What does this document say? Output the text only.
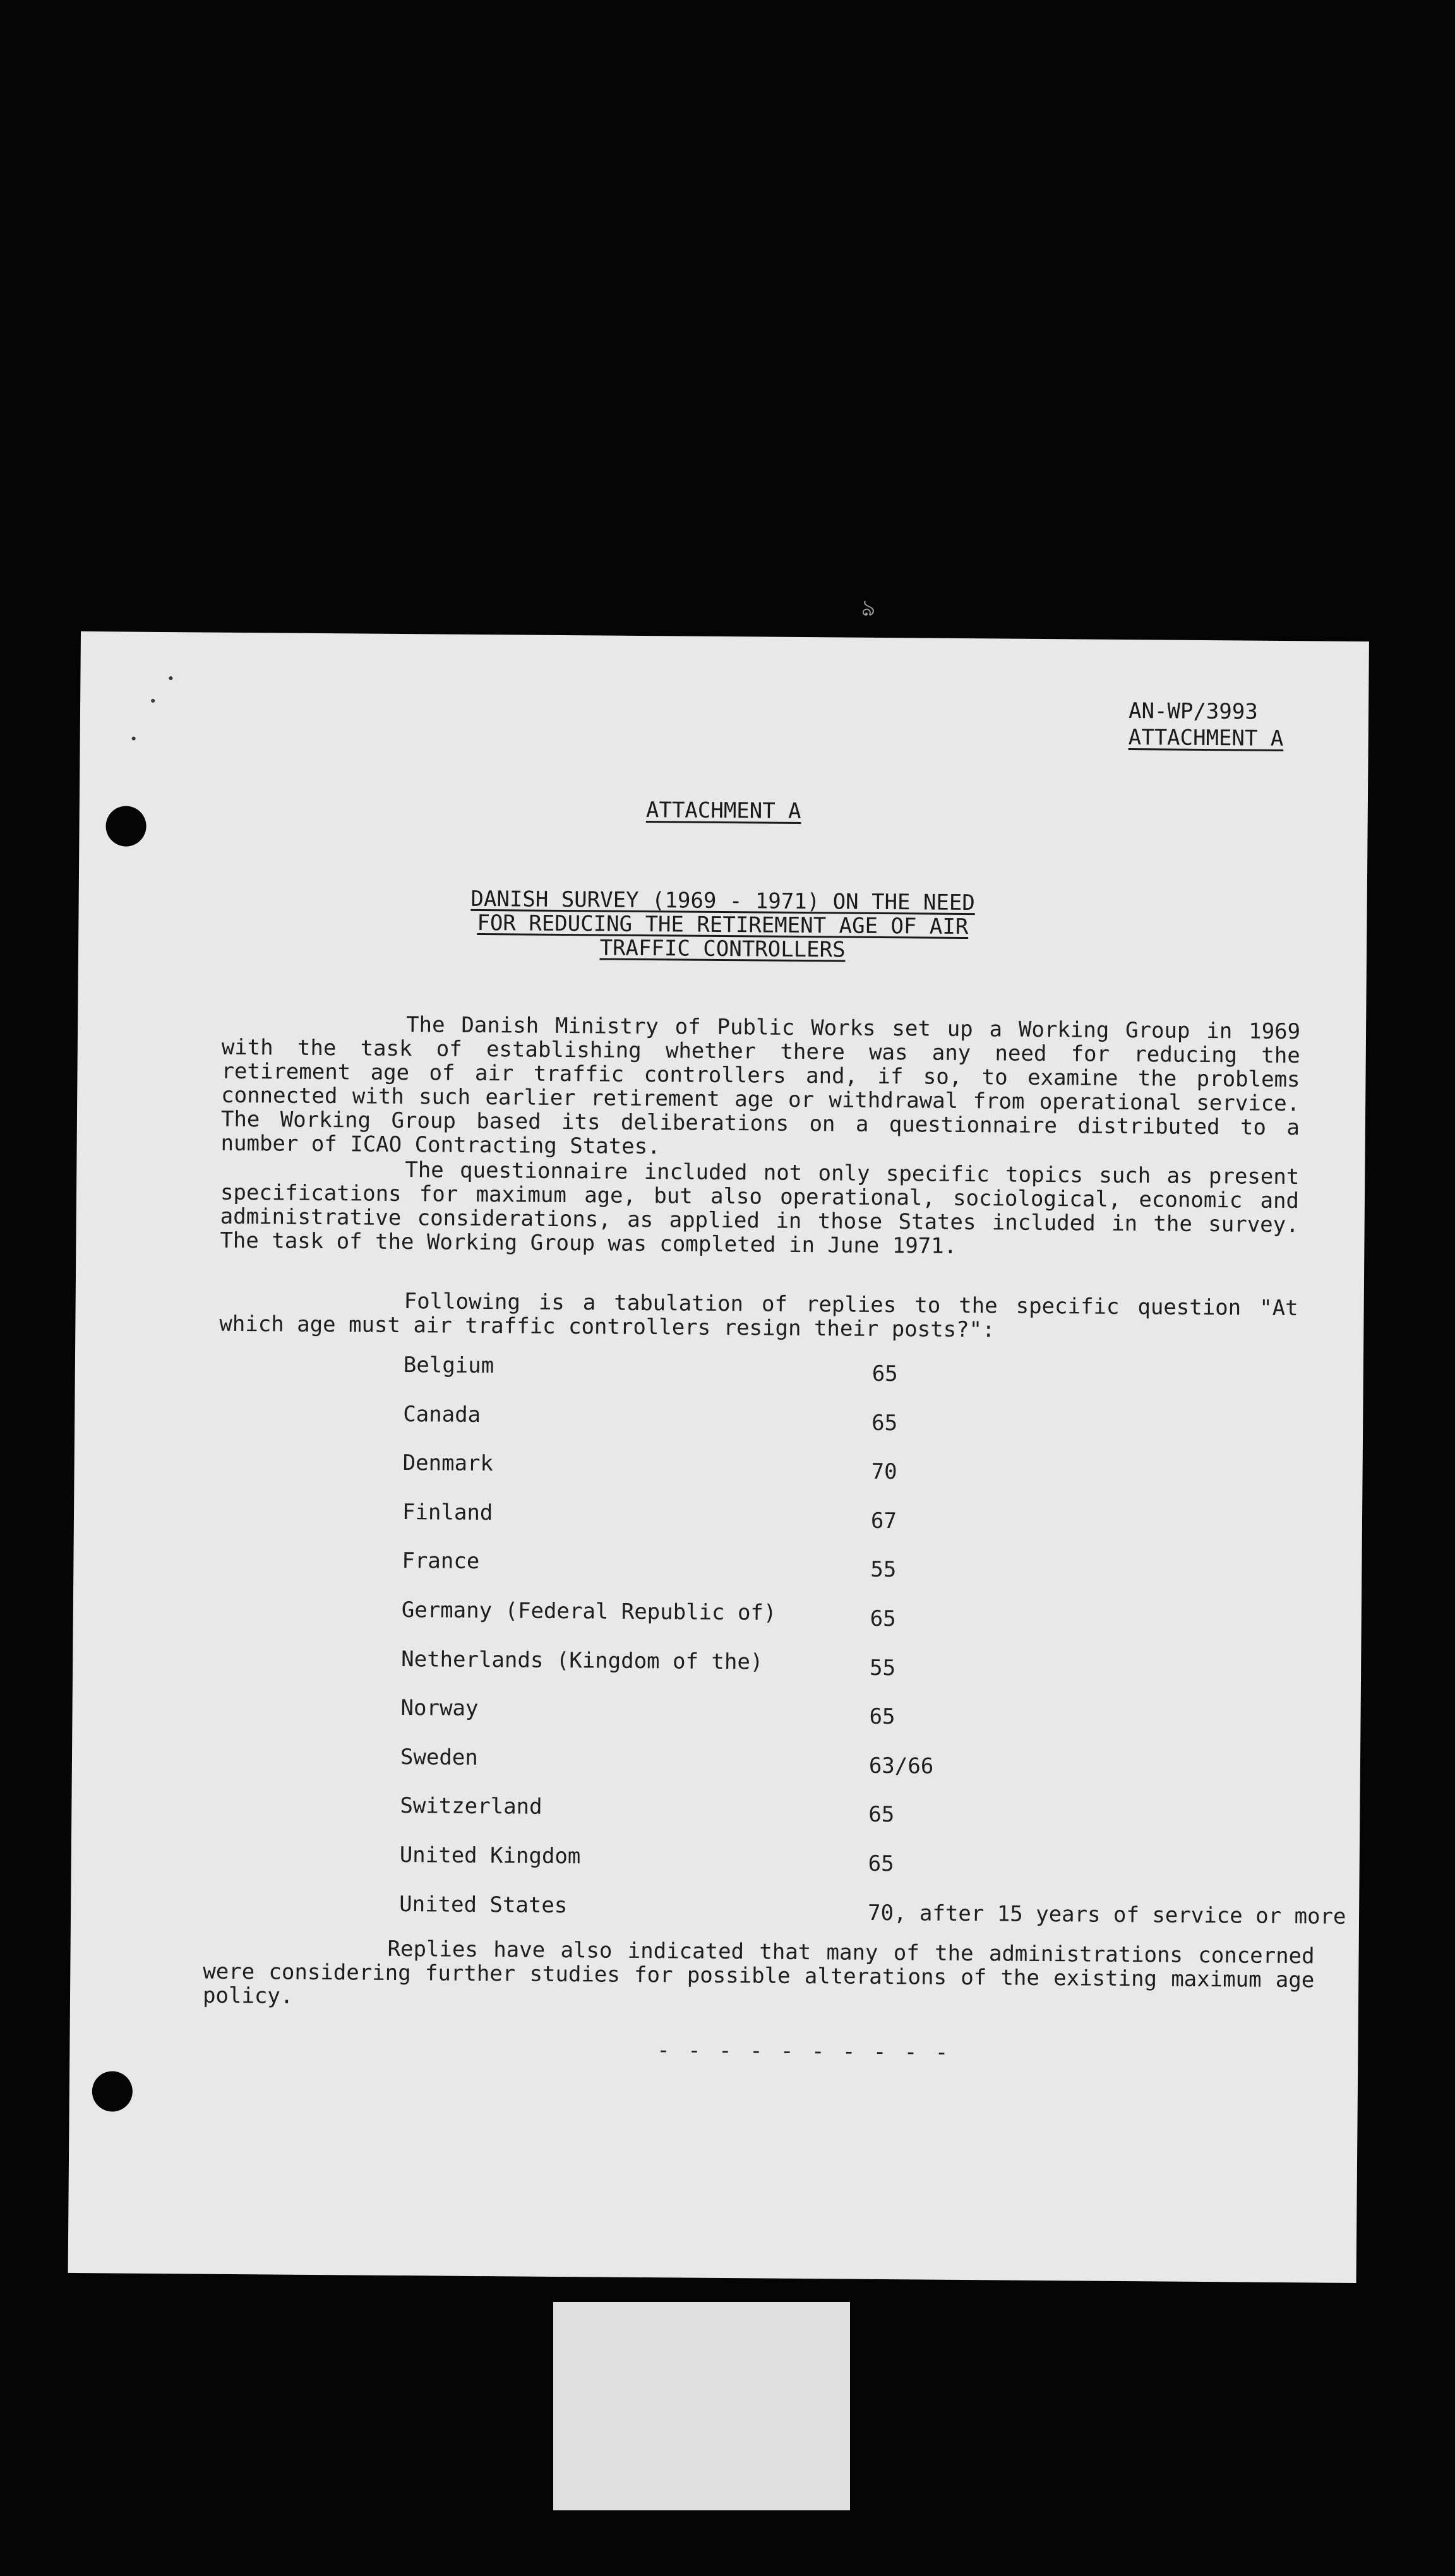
ঌ
AN-WP/3993
ATTACHMENT A
ATTACHMENT A
DANISH SURVEY (1969 - 1971) ON THE NEED
FOR REDUCING THE RETIREMENT AGE OF AIR
TRAFFIC CONTROLLERS

The Danish Ministry of Public Works set up a Working Group in 1969 with the task of establishing whether there was any need for reducing the retirement age of air traffic controllers and, if so, to examine the problems connected with such earlier retirement age or withdrawal from operational service. The Working Group based its deliberations on a questionnaire distributed to a number of ICAO Contracting States.

The questionnaire included not only specific topics such as present specifications for maximum age, but also operational, sociological, economic and administrative considerations, as applied in those States included in the survey. The task of the Working Group was completed in June 1971.

Following is a tabulation of replies to the specific question "At which age must air traffic controllers resign their posts?":

Belgium	65
Canada	65
Denmark	70
Finland	67
France	55
Germany (Federal Republic of)	65
Netherlands (Kingdom of the)	55
Norway	65
Sweden	63/66
Switzerland	65
United Kingdom	65
United States	70, after 15 years of service or more

Replies have also indicated that many of the administrations concerned were considering further studies for possible alterations of the existing maximum age policy.

- - - - - - - - - -
